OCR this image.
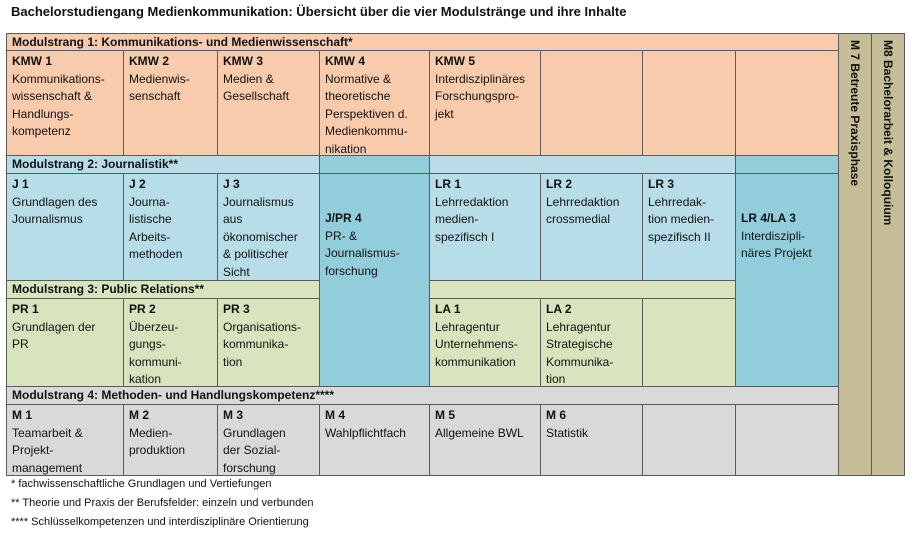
Bachelorstudiengang Medienkommunikation: Übersicht über die vier Modulstränge und ihre Inhalte
Modulstrang 1: Kommunikations- und Medienwissenschaft*
KMW 1
Kommunikations-
wissenschaft &
Handlungs-
kompetenz
KMW 2
Medienwis-
senschaft
KMW 3
Medien &
Gesellschaft
KMW 4
Normative &
theoretische
Perspektiven d.
Medienkommu-
nikation
KMW 5
Interdisziplinäres
Forschungspro-
jekt
Modulstrang 2: Journalistik**
J 1
Grundlagen des
Journalismus
J 2
Journa-
listische
Arbeits-
methoden
J 3
Journalismus
aus
ökonomischer
& politischer
Sicht
J/PR 4
PR- &
Journalismus-
forschung
LR 1
Lehrredaktion
medien-
spezifisch I
LR 2
Lehrredaktion
crossmedial
LR 3
Lehrredak-
tion medien-
spezifisch II
LR 4/LA 3
Interdiszipli-
näres Projekt
Modulstrang 3: Public Relations**
PR 1
Grundlagen der
PR
PR 2
Überzeu-
gungs-
kommuni-
kation
PR 3
Organisations-
kommunika-
tion
LA 1
Lehragentur
Unternehmens-
kommunikation
LA 2
Lehragentur
Strategische
Kommunika-
tion
Modulstrang 4: Methoden- und Handlungskompetenz****
M 1
Teamarbeit &
Projekt-
management
M 2
Medien-
produktion
M 3
Grundlagen
der Sozial-
forschung
M 4
Wahlpflichtfach
M 5
Allgemeine BWL
M 6
Statistik
M 7 Betreute Praxisphase M8 Bachelorarbeit & Kolloquium
* fachwissenschaftliche Grundlagen und Vertiefungen
** Theorie und Praxis der Berufsfelder: einzeln und verbunden
**** Schlüsselkompetenzen und interdisziplinäre Orientierung
